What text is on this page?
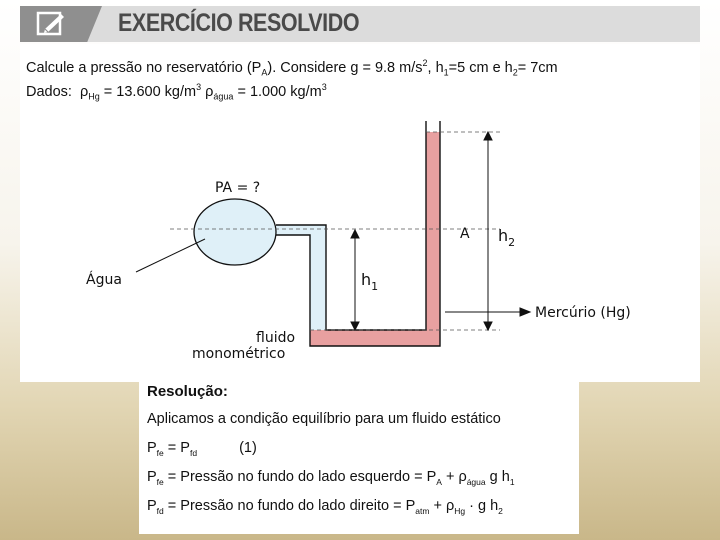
EXERCÍCIO RESOLVIDO
Calcule a pressão no reservatório $(P_A)$. Considere g = 9.8 $m/s^2$, $h_1=5$ cm e $h_2= 7cm$
Dados: $\rho_{Hg} = 13.600$ $kg/m^3$ $\rho_{água} = 1.000$ $kg/m^3$
PA = ?
Água
A $h_2$
$h_1$
Mercúrio (Hg)
fluido
monométrico
Resolução:
Aplicamos a condição equilíbrio para um fluido estático
$P_{fe} = P_{fd}$	(1)
$P_{fe}$ = Pressão no fundo do lado esquerdo = $P_A + \rho_{água}$ g $h_1$
$P_{fd}$ = Pressão no fundo do lado direito = $P_{atm} + \rho_{Hg} \cdot g$ $h_2$
